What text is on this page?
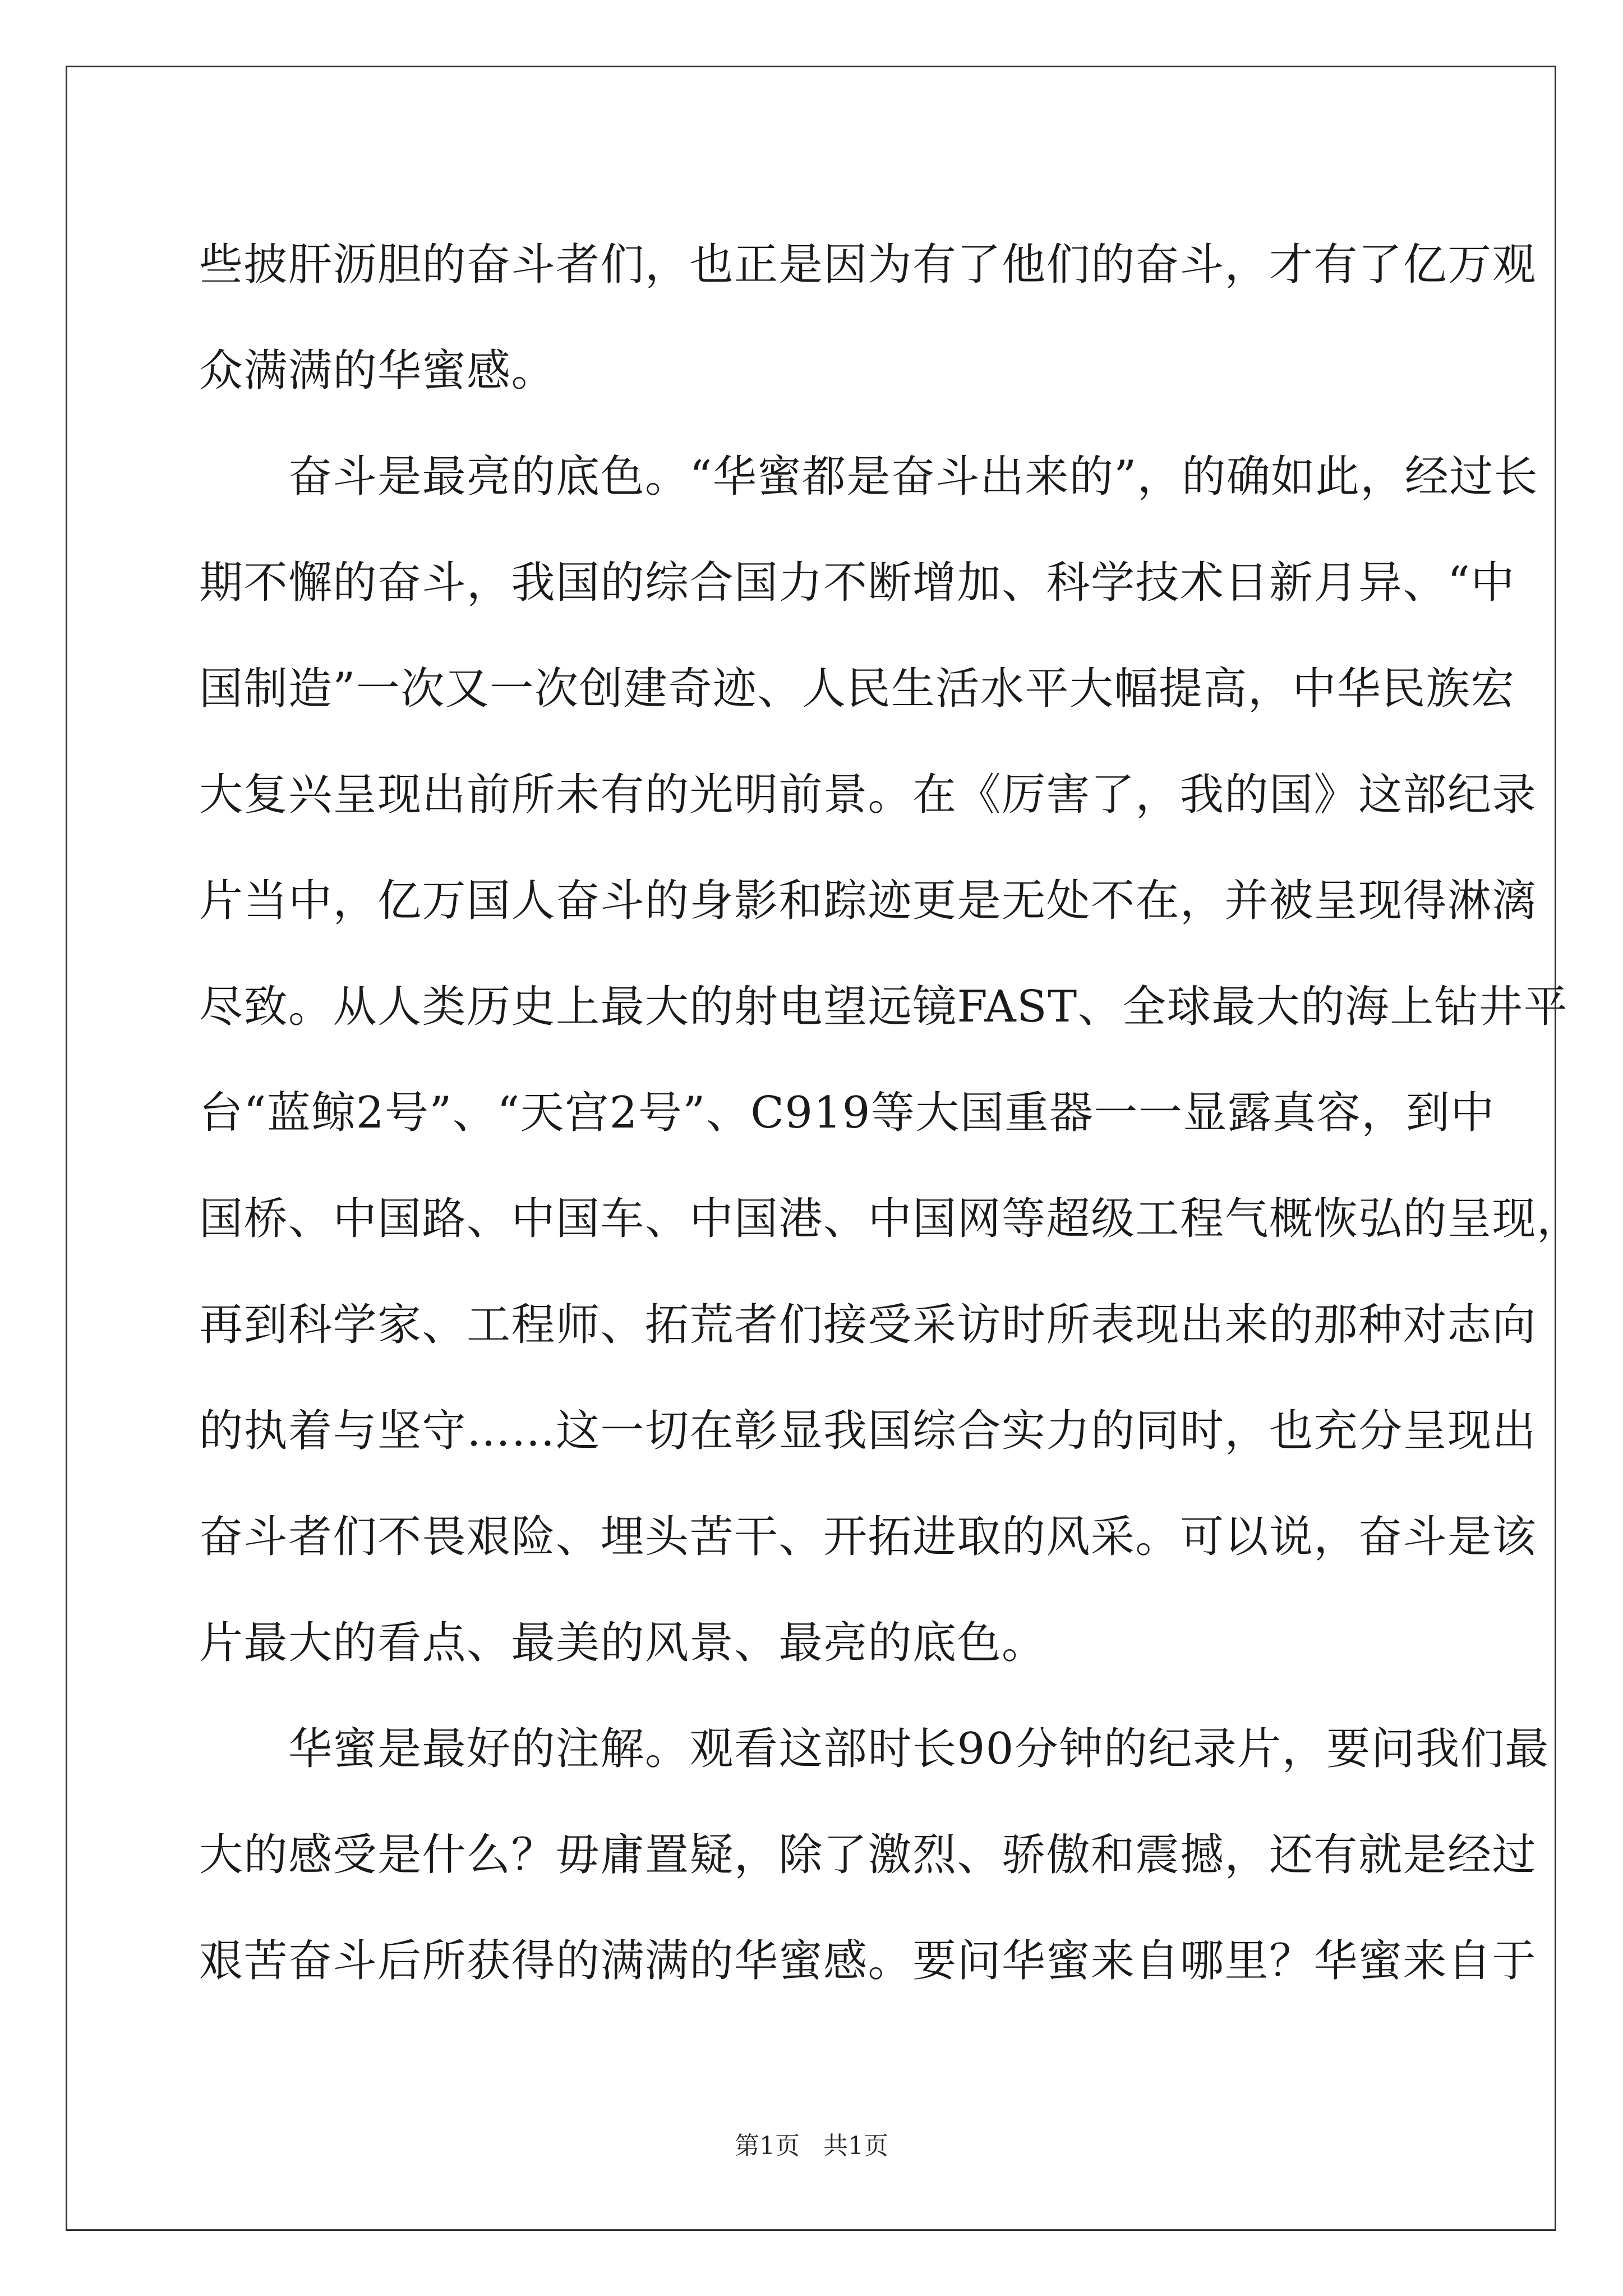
些披肝沥胆的奋斗者们，也正是因为有了他们的奋斗，才有了亿万观
众满满的华蜜感。
　　奋斗是最亮的底色。“华蜜都是奋斗出来的”，的确如此，经过长
期不懈的奋斗，我国的综合国力不断增加、科学技术日新月异、“中
国制造”一次又一次创建奇迹、人民生活水平大幅提高，中华民族宏
大复兴呈现出前所未有的光明前景。在《厉害了，我的国》这部纪录
片当中，亿万国人奋斗的身影和踪迹更是无处不在，并被呈现得淋漓
尽致。从人类历史上最大的射电望远镜FAST、全球最大的海上钻井平
台“蓝鲸2号”、“天宫2号”、C919等大国重器一一显露真容，到中
国桥、中国路、中国车、中国港、中国网等超级工程气概恢弘的呈现，
再到科学家、工程师、拓荒者们接受采访时所表现出来的那种对志向
的执着与坚守……这一切在彰显我国综合实力的同时，也充分呈现出
奋斗者们不畏艰险、埋头苦干、开拓进取的风采。可以说，奋斗是该
片最大的看点、最美的风景、最亮的底色。
　　华蜜是最好的注解。观看这部时长90分钟的纪录片，要问我们最
大的感受是什么？毋庸置疑，除了激烈、骄傲和震撼，还有就是经过
艰苦奋斗后所获得的满满的华蜜感。要问华蜜来自哪里？华蜜来自于
第1页 共1页
